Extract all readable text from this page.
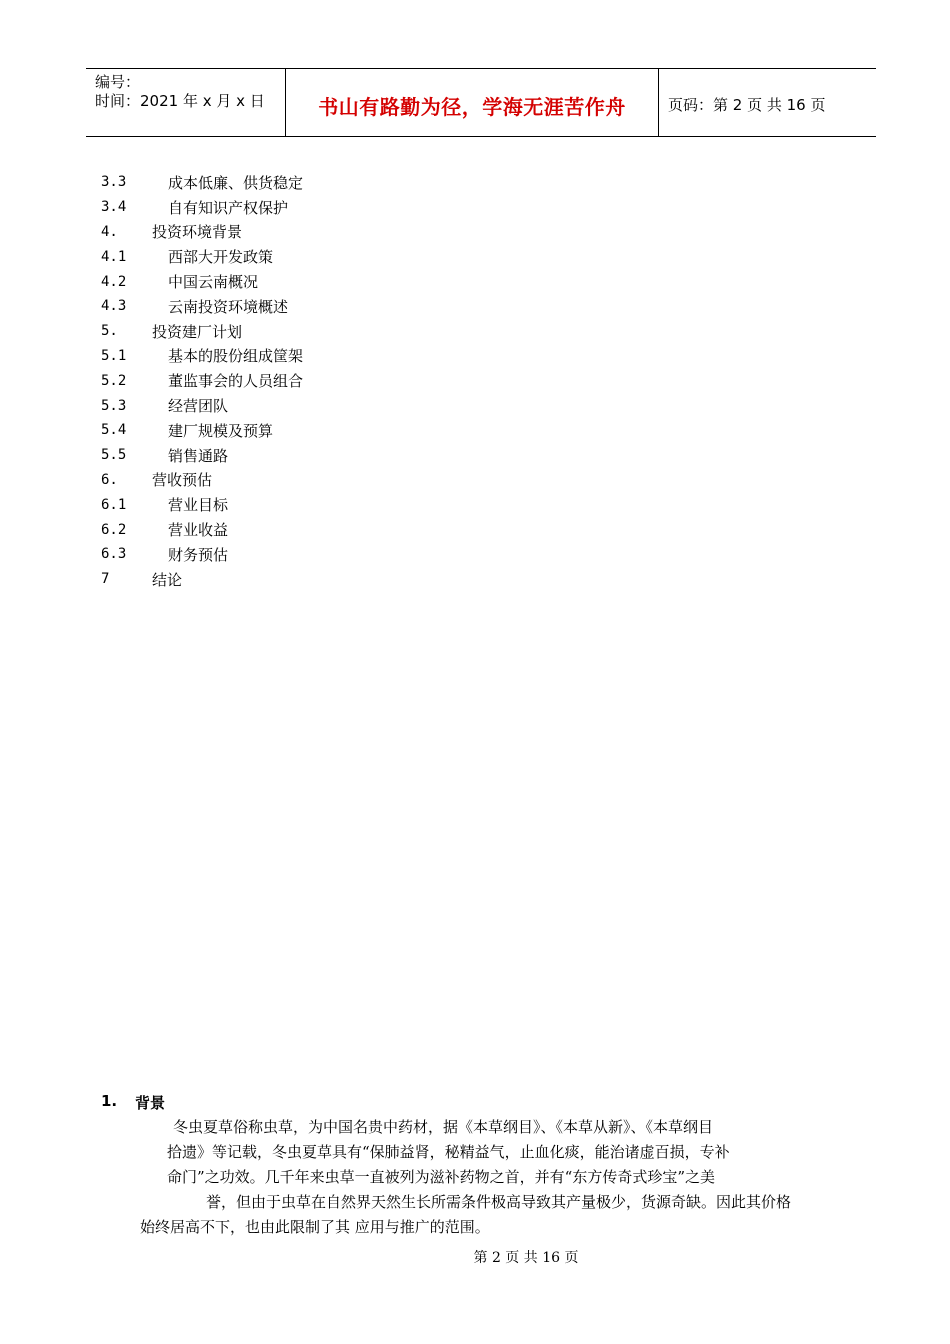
编号：
时间：2021 年 x 月 x 日	书山有路勤为径，学海无涯苦作舟	页码：第 2 页 共 16 页
3.3	成本低廉、供货稳定
3.4	自有知识产权保护
4.	投资环境背景
4.1	西部大开发政策
4.2	中国云南概况
4.3	云南投资环境概述
5.	投资建厂计划
5.1	基本的股份组成筐架
5.2	董监事会的人员组合
5.3	经营团队
5.4	建厂规模及预算
5.5	销售通路
6.	营收预估
6.1	营业目标
6.2	营业收益
6.3	财务预估
7	结论
1.	背景
冬虫夏草俗称虫草，为中国名贵中药材，据《本草纲目》、《本草从新》、《本草纲目
拾遗》等记载，冬虫夏草具有“保肺益肾，秘精益气，止血化痰，能治诸虚百损，专补
命门”之功效。几千年来虫草一直被列为滋补药物之首，并有“东方传奇式珍宝”之美
誉，但由于虫草在自然界天然生长所需条件极高导致其产量极少，货源奇缺。因此其价格
始终居高不下，也由此限制了其 应用与推广的范围。
第 2 页 共 16 页
